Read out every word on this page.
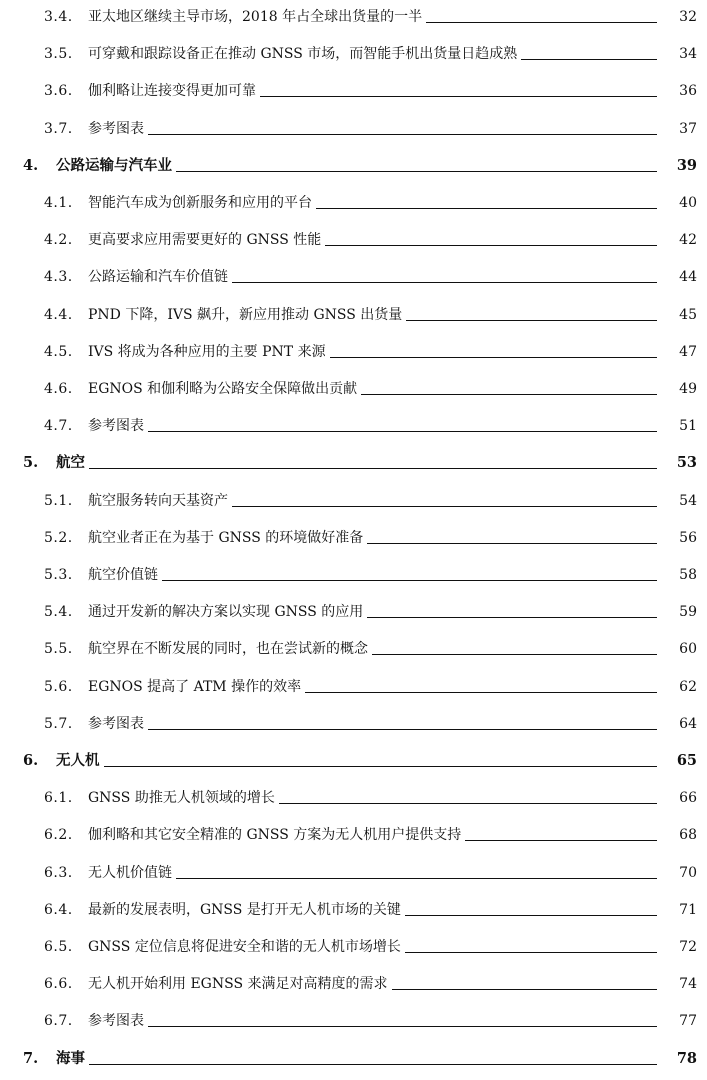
3.4.	亚太地区继续主导市场，2018 年占全球出货量的一半	32
3.5.	可穿戴和跟踪设备正在推动 GNSS 市场，而智能手机出货量日趋成熟	34
3.6.	伽利略让连接变得更加可靠	36
3.7.	参考图表	37
4.	公路运输与汽车业	39
4.1.	智能汽车成为创新服务和应用的平台	40
4.2.	更高要求应用需要更好的 GNSS 性能	42
4.3.	公路运输和汽车价值链	44
4.4.	PND 下降，IVS 飙升，新应用推动 GNSS 出货量	45
4.5.	IVS 将成为各种应用的主要 PNT 来源	47
4.6.	EGNOS 和伽利略为公路安全保障做出贡献	49
4.7.	参考图表	51
5.	航空	53
5.1.	航空服务转向天基资产	54
5.2.	航空业者正在为基于 GNSS 的环境做好准备	56
5.3.	航空价值链	58
5.4.	通过开发新的解决方案以实现 GNSS 的应用	59
5.5.	航空界在不断发展的同时，也在尝试新的概念	60
5.6.	EGNOS 提高了 ATM 操作的效率	62
5.7.	参考图表	64
6.	无人机	65
6.1.	GNSS 助推无人机领域的增长	66
6.2.	伽利略和其它安全精准的 GNSS 方案为无人机用户提供支持	68
6.3.	无人机价值链	70
6.4.	最新的发展表明，GNSS 是打开无人机市场的关键	71
6.5.	GNSS 定位信息将促进安全和谐的无人机市场增长	72
6.6.	无人机开始利用 EGNSS 来满足对高精度的需求	74
6.7.	参考图表	77
7.	海事	78
